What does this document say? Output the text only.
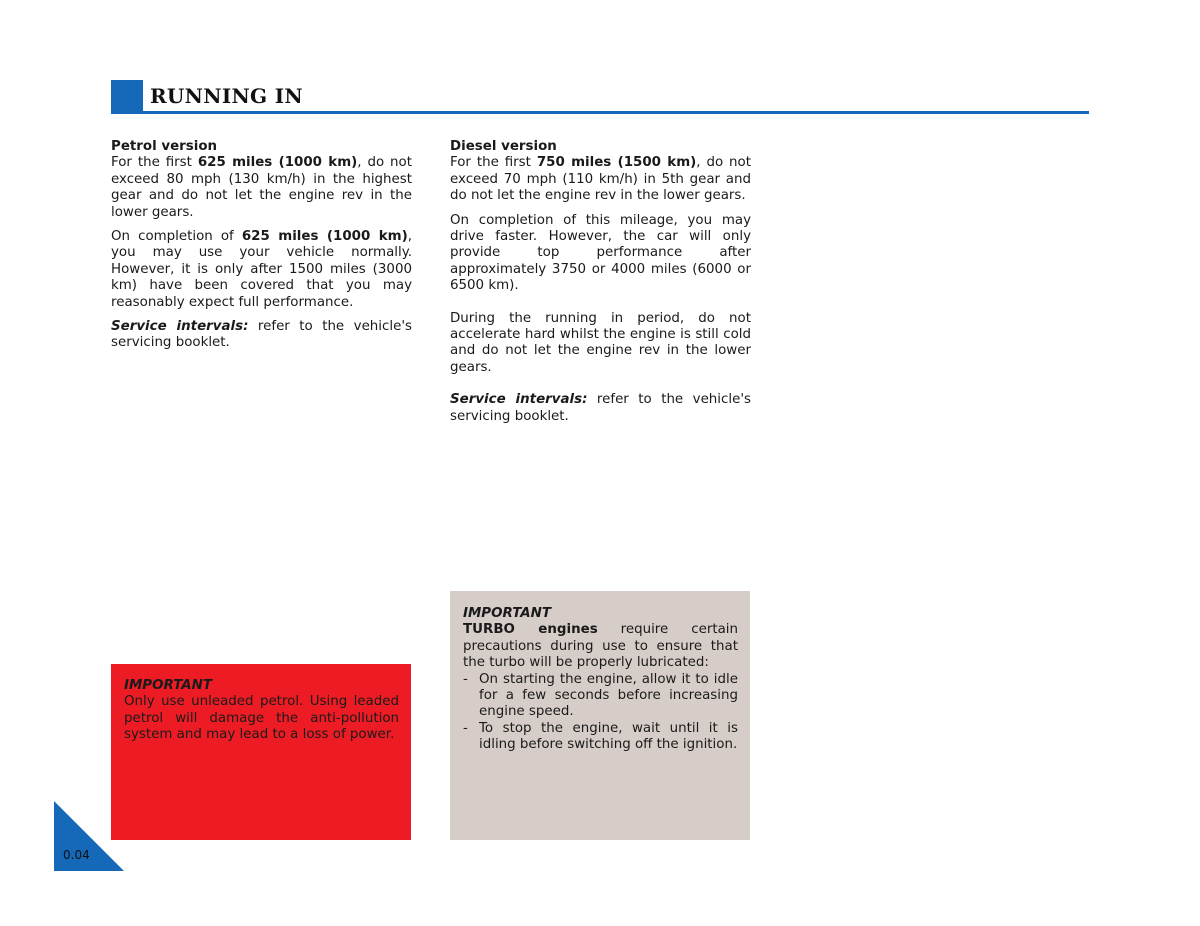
RUNNING IN
Petrol version

For the first 625 miles (1000 km), do not exceed 80 mph (130 km/h) in the highest gear and do not let the engine rev in the lower gears.

On completion of 625 miles (1000 km), you may use your vehicle normally. However, it is only after 1500 miles (3000 km) have been covered that you may reasonably expect full performance.

Service intervals: refer to the vehicle's servicing booklet.

Diesel version

For the first 750 miles (1500 km), do not exceed 70 mph (110 km/h) in 5th gear and do not let the engine rev in the lower gears.

On completion of this mileage, you may drive faster. However, the car will only provide top performance after approximately 3750 or 4000 miles (6000 or 6500 km).

During the running in period, do not accelerate hard whilst the engine is still cold and do not let the engine rev in the lower gears.

Service intervals: refer to the vehicle's servicing booklet.

IMPORTANT

Only use unleaded petrol. Using leaded petrol will damage the anti-pollution system and may lead to a loss of power.

IMPORTANT

TURBO engines require certain precautions during use to ensure that the turbo will be properly lubricated:

- On starting the engine, allow it to idle for a few seconds before increasing engine speed.

- To stop the engine, wait until it is idling before switching off the ignition.

0.04
